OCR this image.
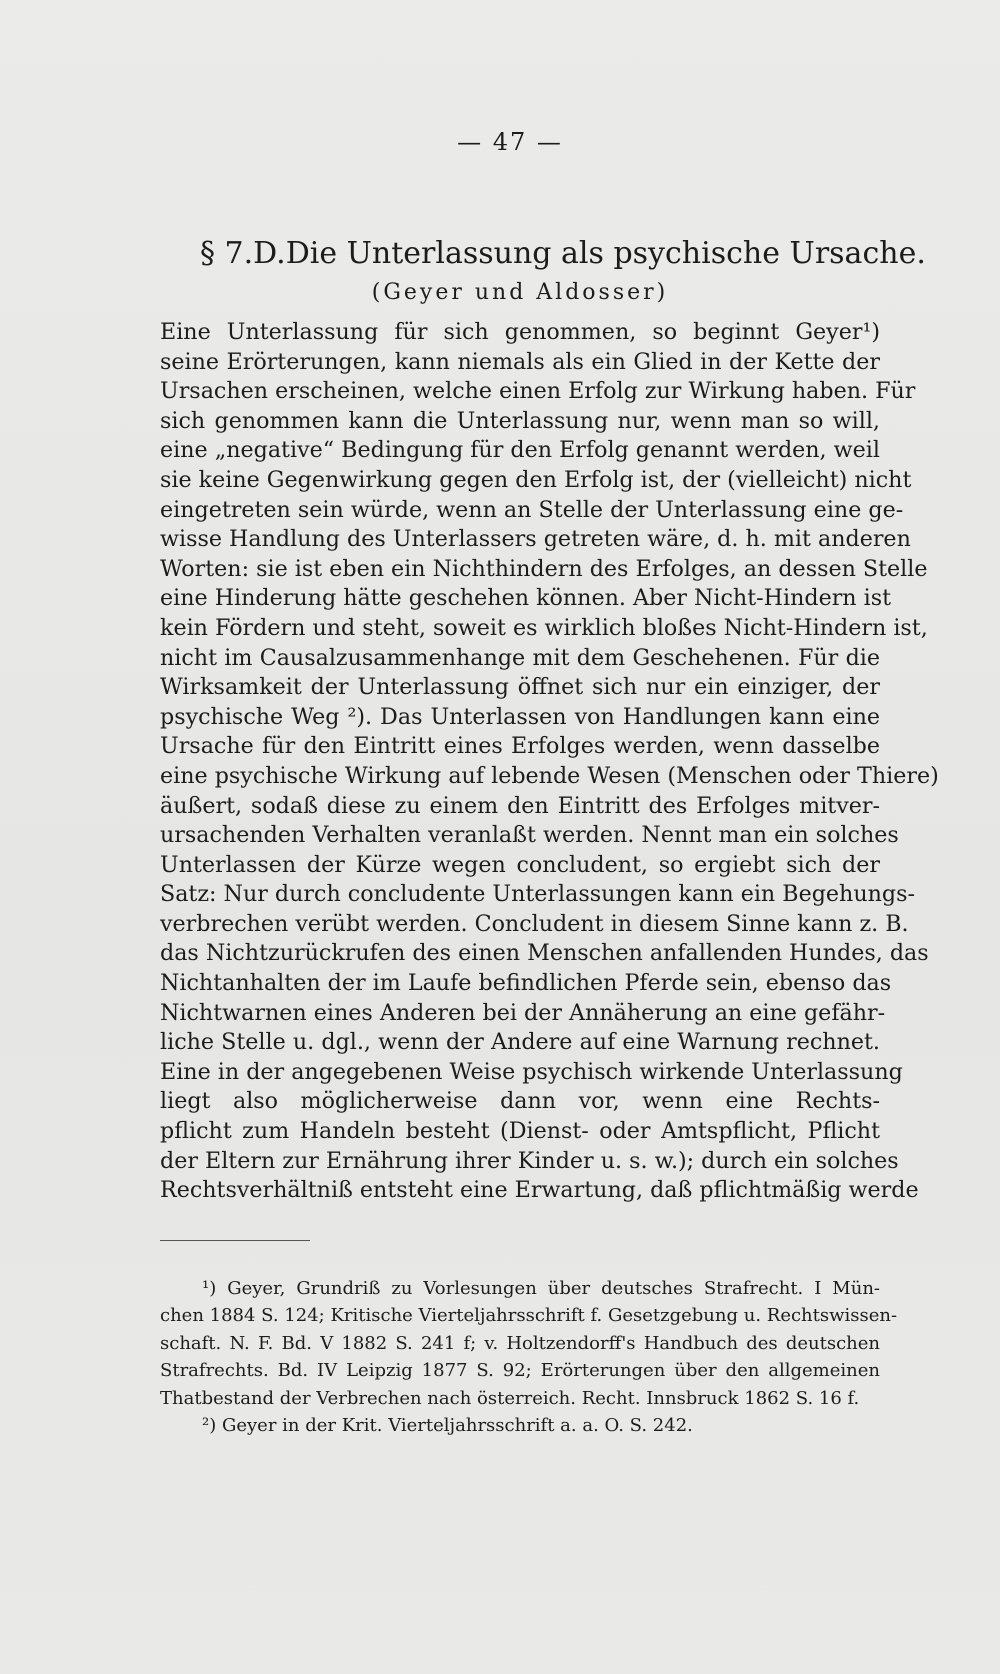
— 47 —
§ 7. D. Die Unterlassung als psychische Ursache.
(Geyer und Aldosser)
Eine Unterlassung für sich genommen, so beginnt Geyer¹)
seine Erörterungen, kann niemals als ein Glied in der Kette der
Ursachen erscheinen, welche einen Erfolg zur Wirkung haben. Für
sich genommen kann die Unterlassung nur, wenn man so will,
eine „negative“ Bedingung für den Erfolg genannt werden, weil
sie keine Gegenwirkung gegen den Erfolg ist, der (vielleicht) nicht
eingetreten sein würde, wenn an Stelle der Unterlassung eine ge-
wisse Handlung des Unterlassers getreten wäre, d. h. mit anderen
Worten: sie ist eben ein Nichthindern des Erfolges, an dessen Stelle
eine Hinderung hätte geschehen können. Aber Nicht-Hindern ist
kein Fördern und steht, soweit es wirklich bloßes Nicht-Hindern ist,
nicht im Causalzusammenhange mit dem Geschehenen. Für die
Wirksamkeit der Unterlassung öffnet sich nur ein einziger, der
psychische Weg ²). Das Unterlassen von Handlungen kann eine
Ursache für den Eintritt eines Erfolges werden, wenn dasselbe
eine psychische Wirkung auf lebende Wesen (Menschen oder Thiere)
äußert, sodaß diese zu einem den Eintritt des Erfolges mitver-
ursachenden Verhalten veranlaßt werden. Nennt man ein solches
Unterlassen der Kürze wegen concludent, so ergiebt sich der
Satz: Nur durch concludente Unterlassungen kann ein Begehungs-
verbrechen verübt werden. Concludent in diesem Sinne kann z. B.
das Nichtzurückrufen des einen Menschen anfallenden Hundes, das
Nichtanhalten der im Laufe befindlichen Pferde sein, ebenso das
Nichtwarnen eines Anderen bei der Annäherung an eine gefähr-
liche Stelle u. dgl., wenn der Andere auf eine Warnung rechnet.
Eine in der angegebenen Weise psychisch wirkende Unterlassung
liegt also möglicherweise dann vor, wenn eine Rechts-
pflicht zum Handeln besteht (Dienst- oder Amtspflicht, Pflicht
der Eltern zur Ernährung ihrer Kinder u. s. w.); durch ein solches
Rechtsverhältniß entsteht eine Erwartung, daß pflichtmäßig werde
¹) Geyer, Grundriß zu Vorlesungen über deutsches Strafrecht. I Mün-
chen 1884 S. 124; Kritische Vierteljahrsschrift f. Gesetzgebung u. Rechtswissen-
schaft. N. F. Bd. V 1882 S. 241 f; v. Holtzendorff's Handbuch des deutschen
Strafrechts. Bd. IV Leipzig 1877 S. 92; Erörterungen über den allgemeinen
Thatbestand der Verbrechen nach österreich. Recht. Innsbruck 1862 S. 16 f.
²) Geyer in der Krit. Vierteljahrsschrift a. a. O. S. 242.
